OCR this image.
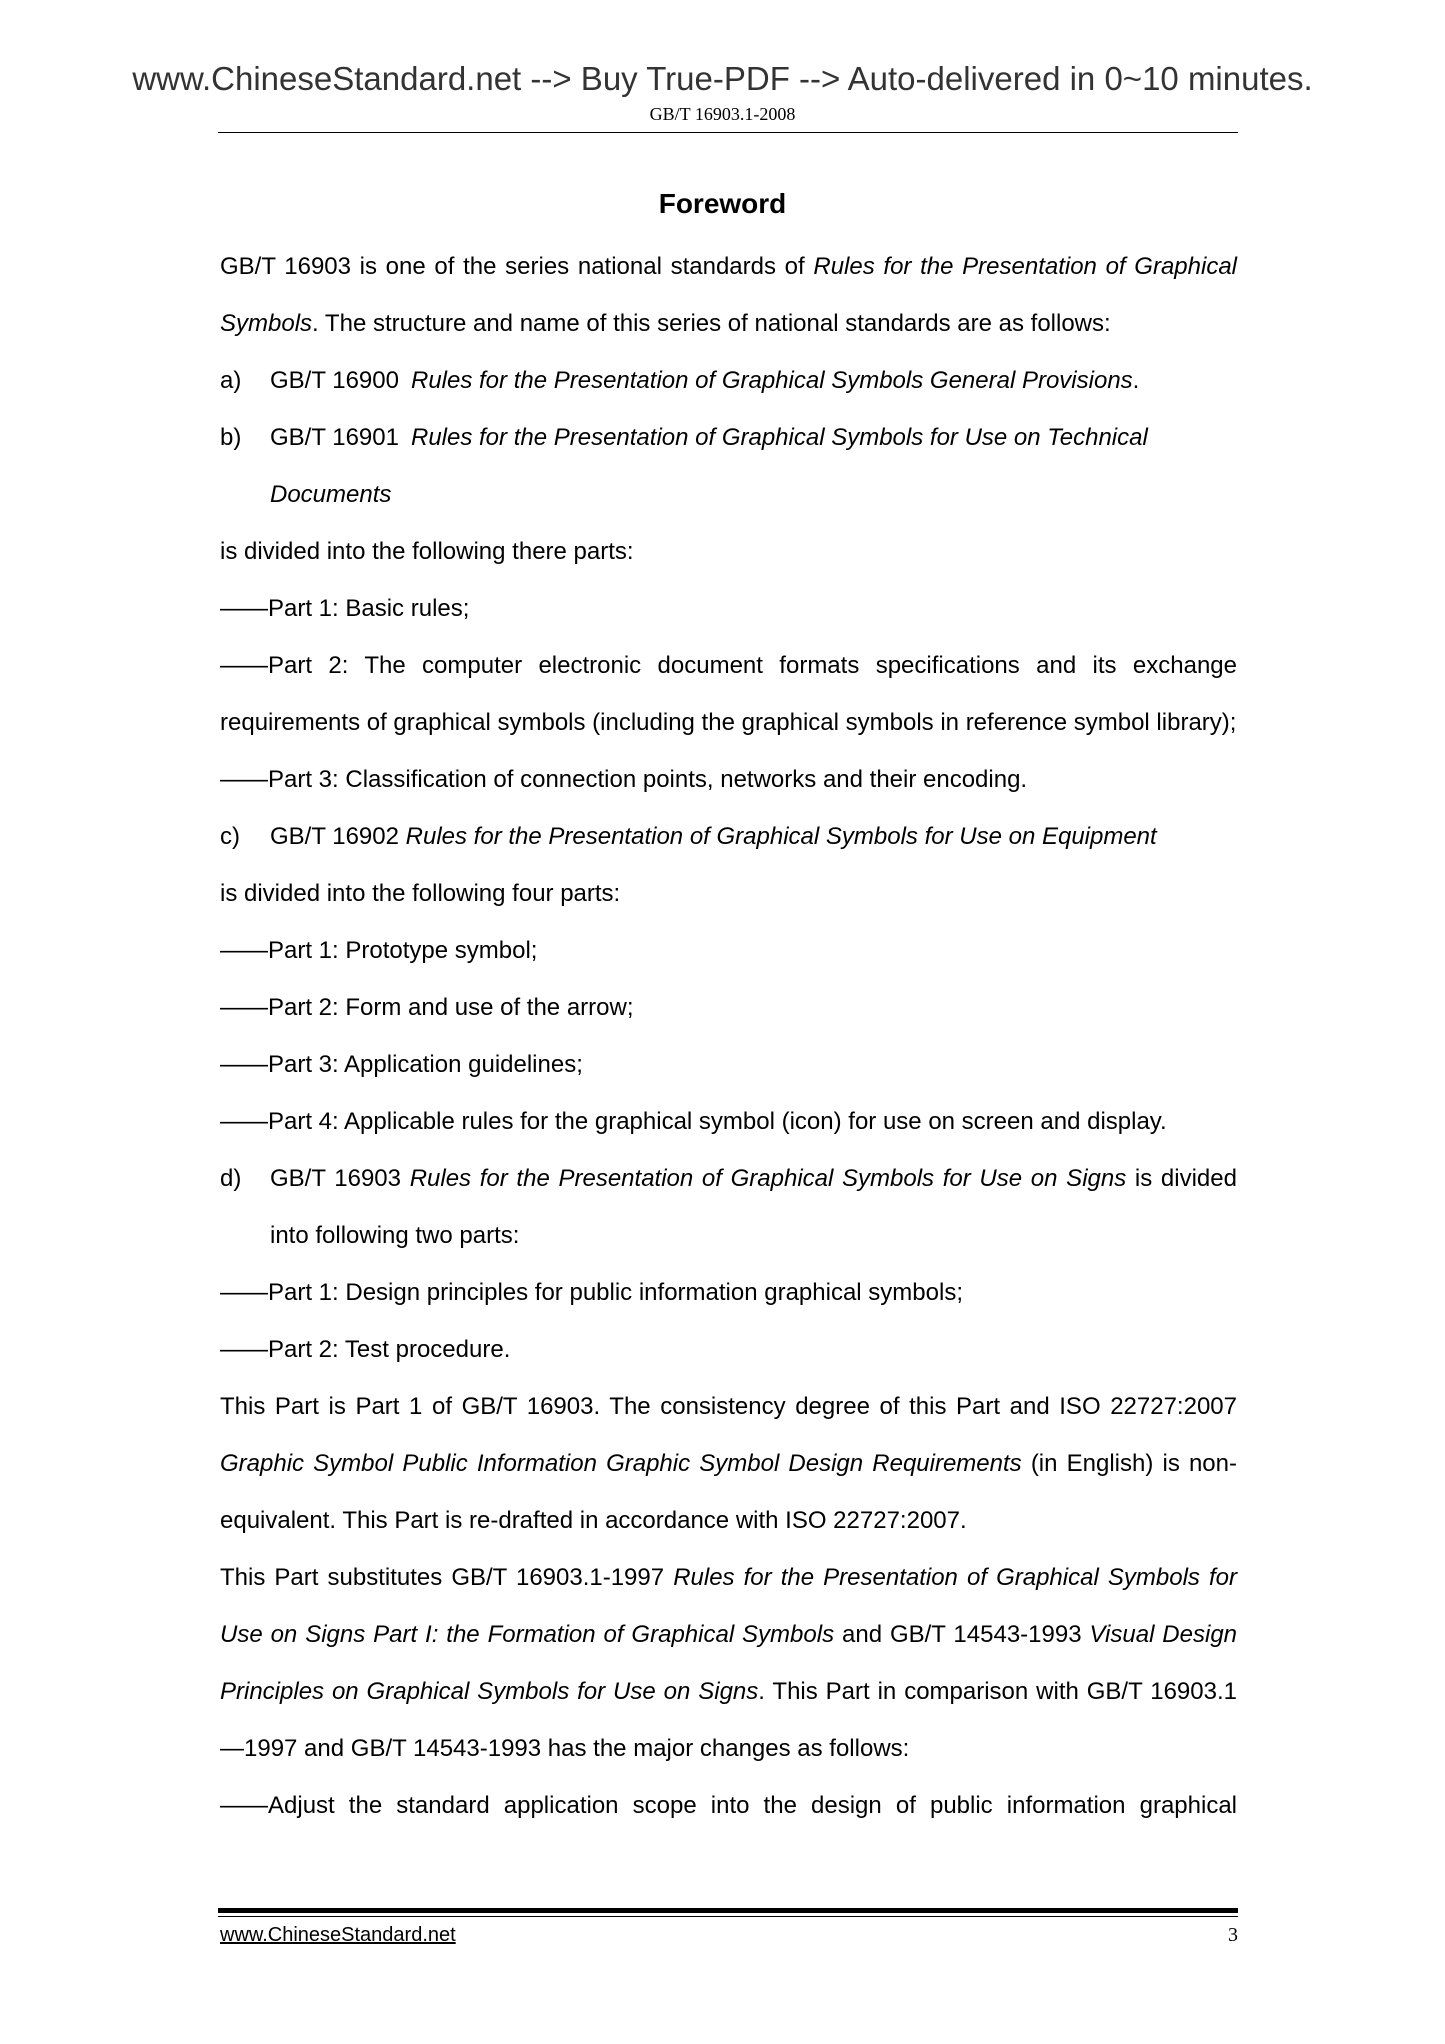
www.ChineseStandard.net --> Buy True-PDF --> Auto-delivered in 0~10 minutes.
GB/T 16903.1-2008
Foreword

GB/T 16903 is one of the series national standards of Rules for the Presentation of Graphical Symbols. The structure and name of this series of national standards are as follows:

a)	GB/T 16900 Rules for the Presentation of Graphical Symbols General Provisions.
b)	GB/T 16901 Rules for the Presentation of Graphical Symbols for Use on Technical Documents

is divided into the following there parts:

——Part 1: Basic rules;

——Part 2: The computer electronic document formats specifications and its exchange requirements of graphical symbols (including the graphical symbols in reference symbol library);

——Part 3: Classification of connection points, networks and their encoding.

c)	GB/T 16902 Rules for the Presentation of Graphical Symbols for Use on Equipment

is divided into the following four parts:

——Part 1: Prototype symbol;

——Part 2: Form and use of the arrow;

——Part 3: Application guidelines;

——Part 4: Applicable rules for the graphical symbol (icon) for use on screen and display.

d)	GB/T 16903 Rules for the Presentation of Graphical Symbols for Use on Signs is divided into following two parts:

——Part 1: Design principles for public information graphical symbols;

——Part 2: Test procedure.

This Part is Part 1 of GB/T 16903. The consistency degree of this Part and ISO 22727:2007 Graphic Symbol Public Information Graphic Symbol Design Requirements (in English) is non-equivalent. This Part is re-drafted in accordance with ISO 22727:2007.

This Part substitutes GB/T 16903.1-1997 Rules for the Presentation of Graphical Symbols for Use on Signs Part I: the Formation of Graphical Symbols and GB/T 14543-1993 Visual Design Principles on Graphical Symbols for Use on Signs. This Part in comparison with GB/T 16903.1—1997 and GB/T 14543-1993 has the major changes as follows:

——Adjust the standard application scope into the design of public information graphical

www.ChineseStandard.net	3
